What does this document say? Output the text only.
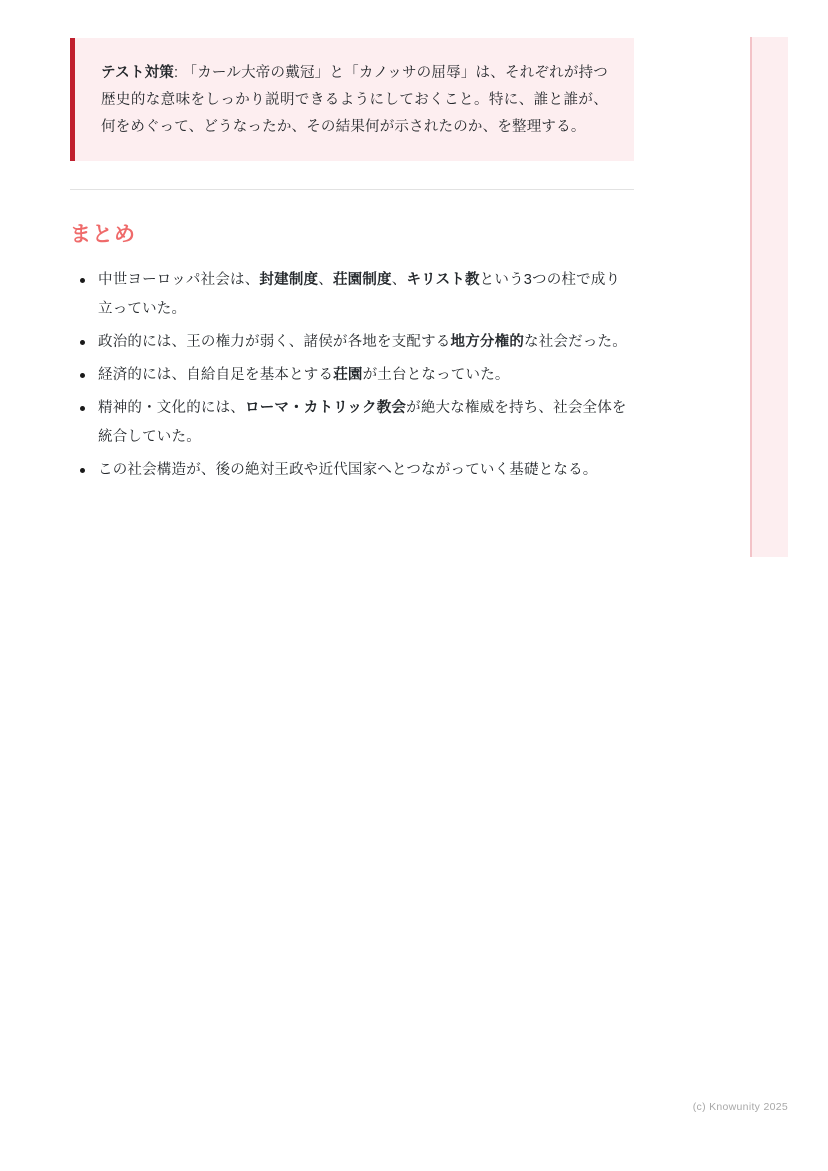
テスト対策: 「カール大帝の戴冠」と「カノッサの屈辱」は、それぞれが持つ歴史的な意味をしっかり説明できるようにしておくこと。特に、誰と誰が、何をめぐって、どうなったか、その結果何が示されたのか、を整理する。

まとめ
中世ヨーロッパ社会は、封建制度、荘園制度、キリスト教という3つの柱で成り立っていた。
政治的には、王の権力が弱く、諸侯が各地を支配する地方分権的な社会だった。
経済的には、自給自足を基本とする荘園が土台となっていた。
精神的・文化的には、ローマ・カトリック教会が絶大な権威を持ち、社会全体を統合していた。
この社会構造が、後の絶対王政や近代国家へとつながっていく基礎となる。
(c) Knowunity 2025
